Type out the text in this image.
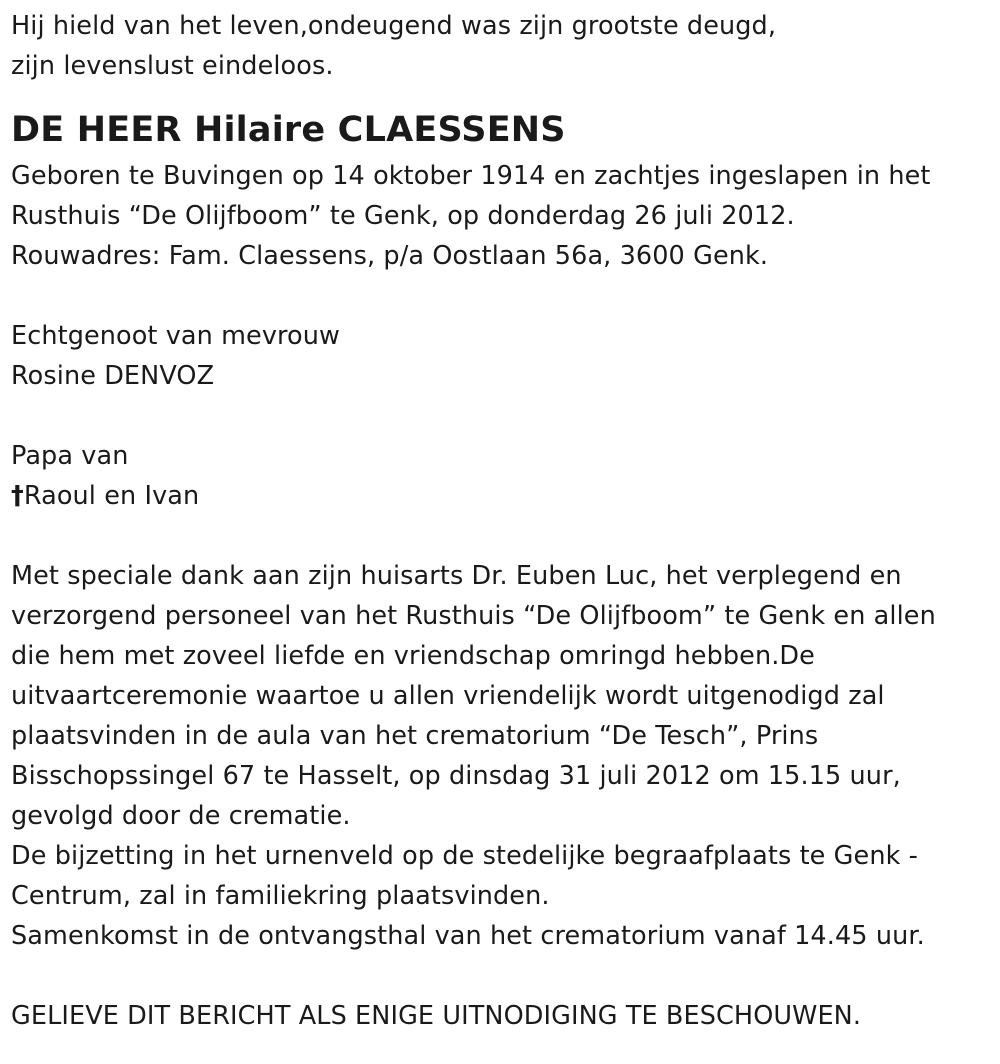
Hij hield van het leven,ondeugend was zijn grootste deugd,
zijn levenslust eindeloos.
DE HEER Hilaire CLAESSENS
Geboren te Buvingen op 14 oktober 1914 en zachtjes ingeslapen in het
Rusthuis “De Olijfboom” te Genk, op donderdag 26 juli 2012.
Rouwadres: Fam. Claessens, p/a Oostlaan 56a, 3600 Genk.
Echtgenoot van mevrouw
Rosine DENVOZ
Papa van
†Raoul en Ivan
Met speciale dank aan zijn huisarts Dr. Euben Luc, het verplegend en
verzorgend personeel van het Rusthuis “De Olijfboom” te Genk en allen
die hem met zoveel liefde en vriendschap omringd hebben.De
uitvaartceremonie waartoe u allen vriendelijk wordt uitgenodigd zal
plaatsvinden in de aula van het crematorium “De Tesch”, Prins
Bisschopssingel 67 te Hasselt, op dinsdag 31 juli 2012 om 15.15 uur,
gevolgd door de crematie.
De bijzetting in het urnenveld op de stedelijke begraafplaats te Genk -
Centrum, zal in familiekring plaatsvinden.
Samenkomst in de ontvangsthal van het crematorium vanaf 14.45 uur.
GELIEVE DIT BERICHT ALS ENIGE UITNODIGING TE BESCHOUWEN.
